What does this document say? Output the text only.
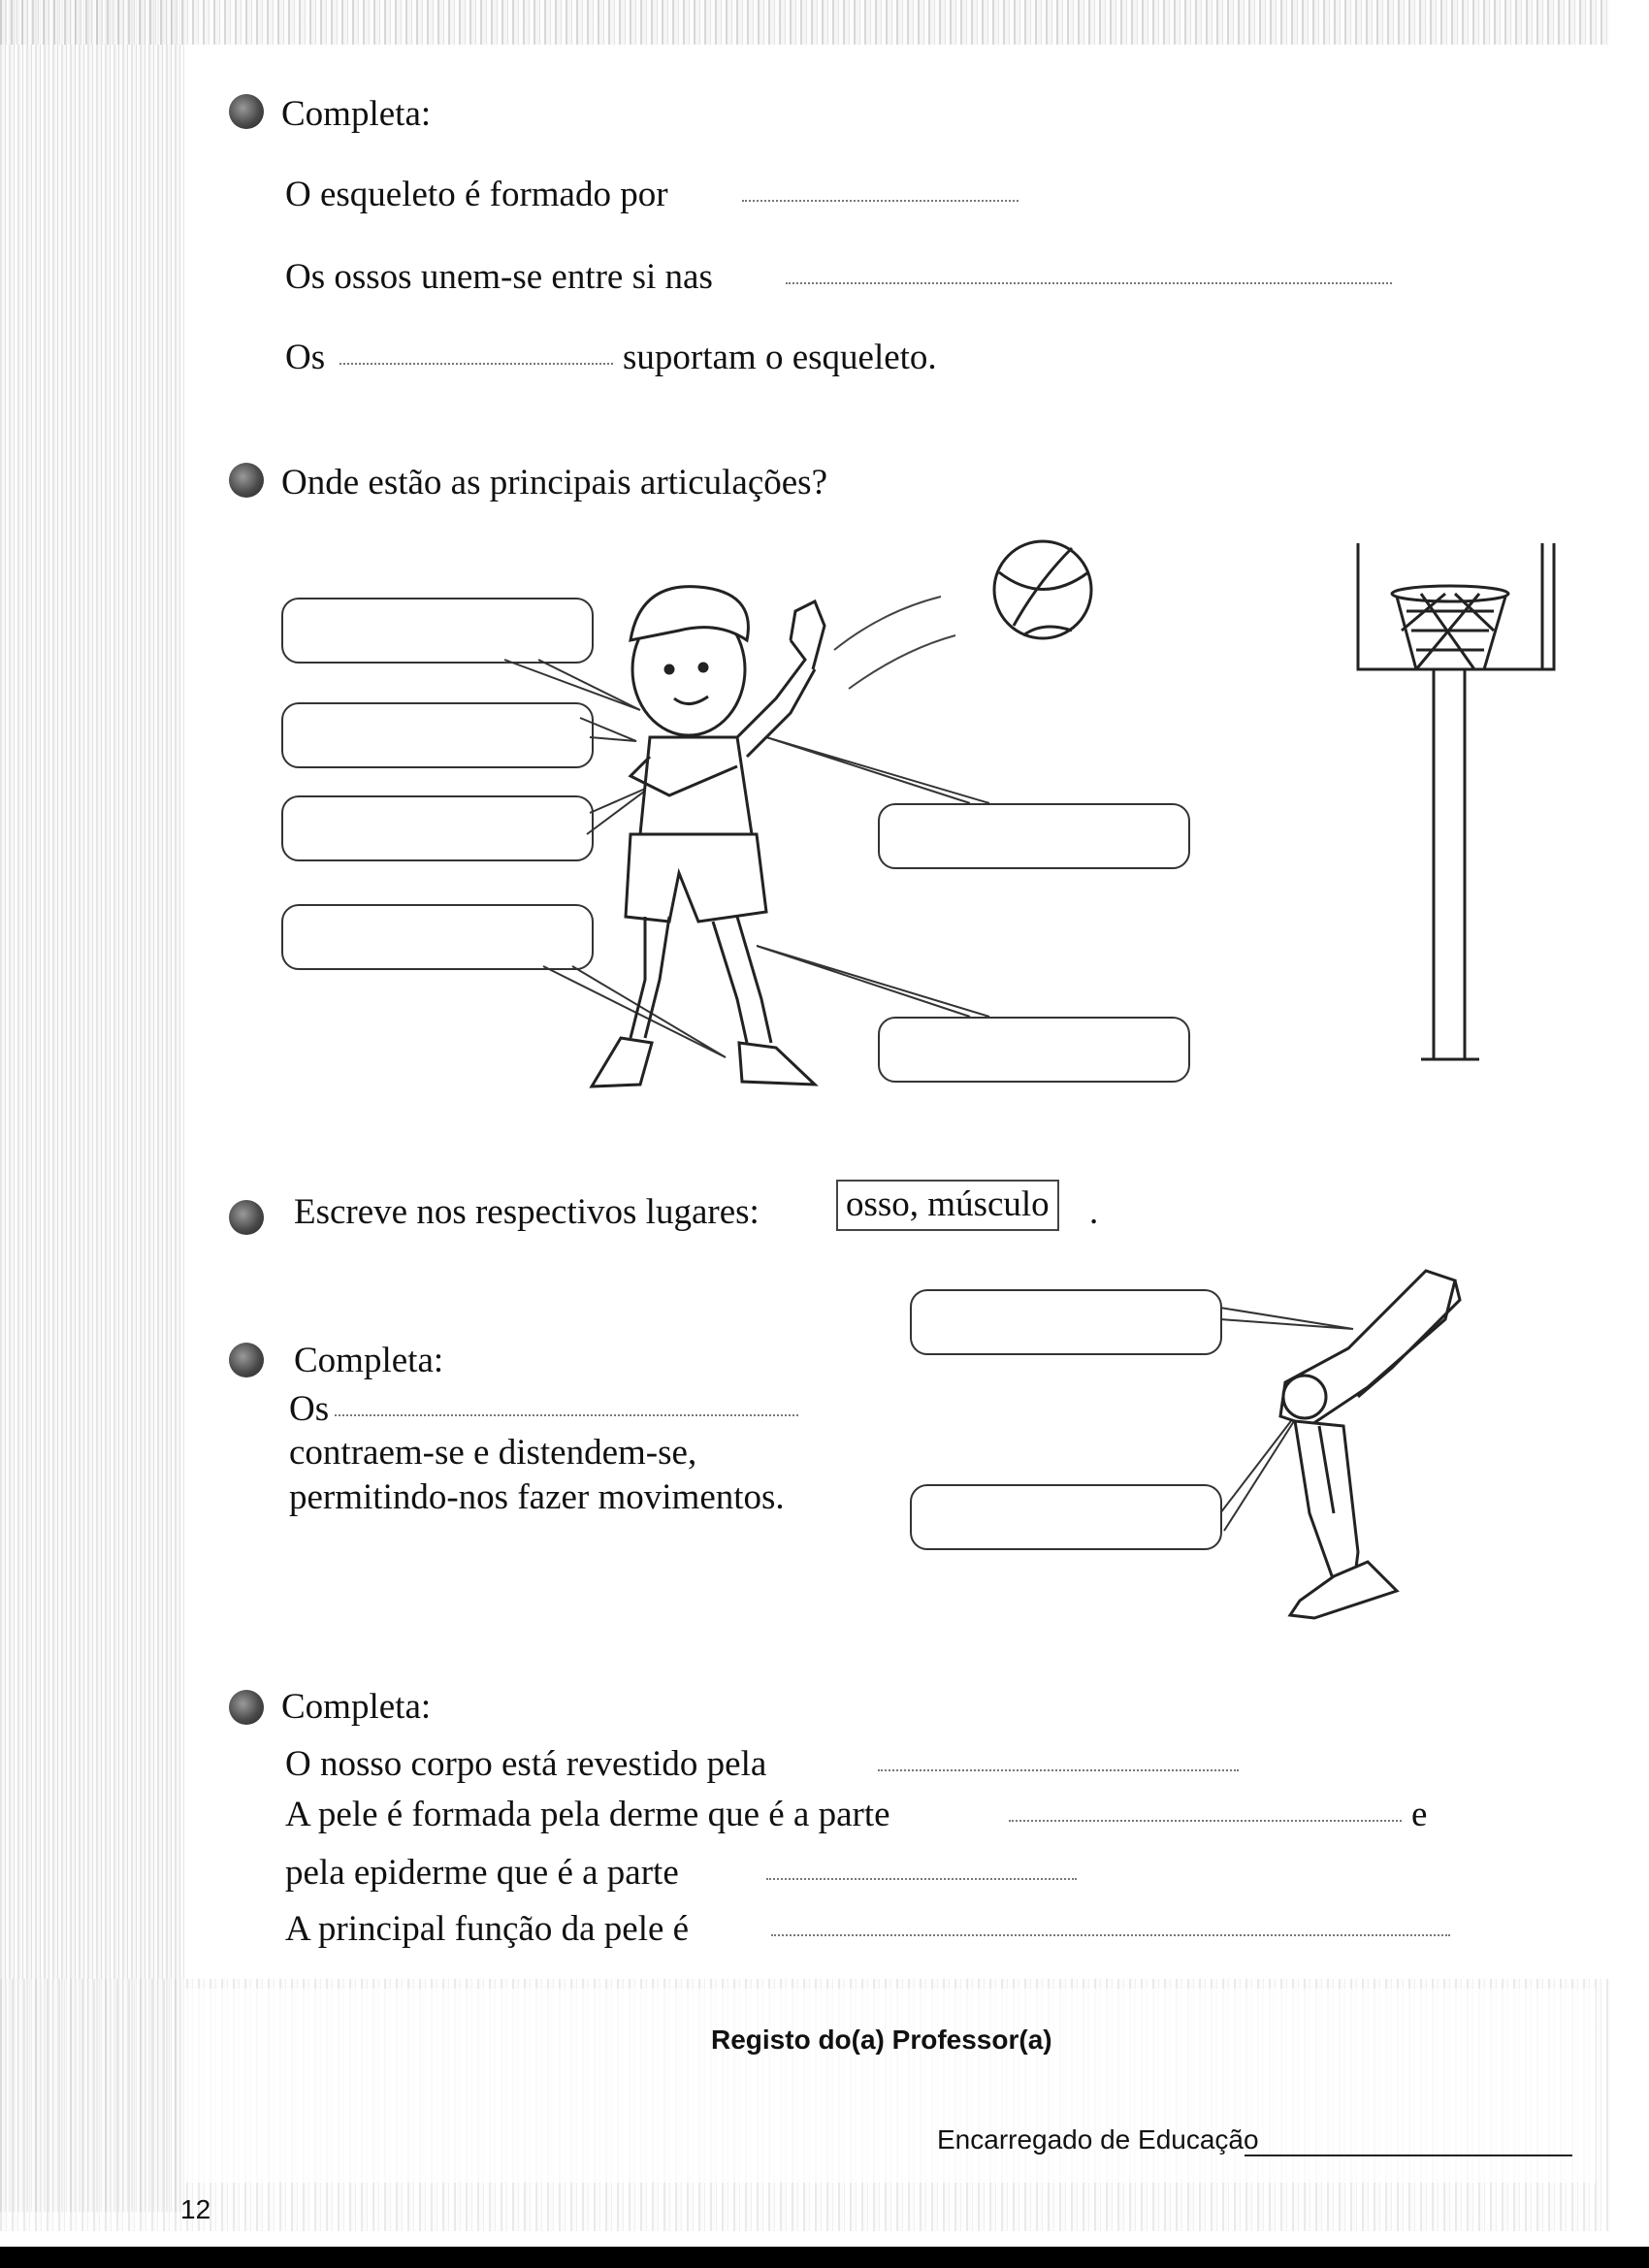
Completa:
O esqueleto é formado por
Os ossos unem-se entre si nas
Os	suportam o esqueleto.
Onde estão as principais articulações?
Escreve nos respectivos lugares: osso, músculo .
Completa:
Os
contraem-se e distendem-se,
permitindo-nos fazer movimentos.
Completa:
O nosso corpo está revestido pela
A pele é formada pela derme que é a parte	e
pela epiderme que é a parte
A principal função da pele é
Registo do(a) Professor(a)
Encarregado de Educação
12
